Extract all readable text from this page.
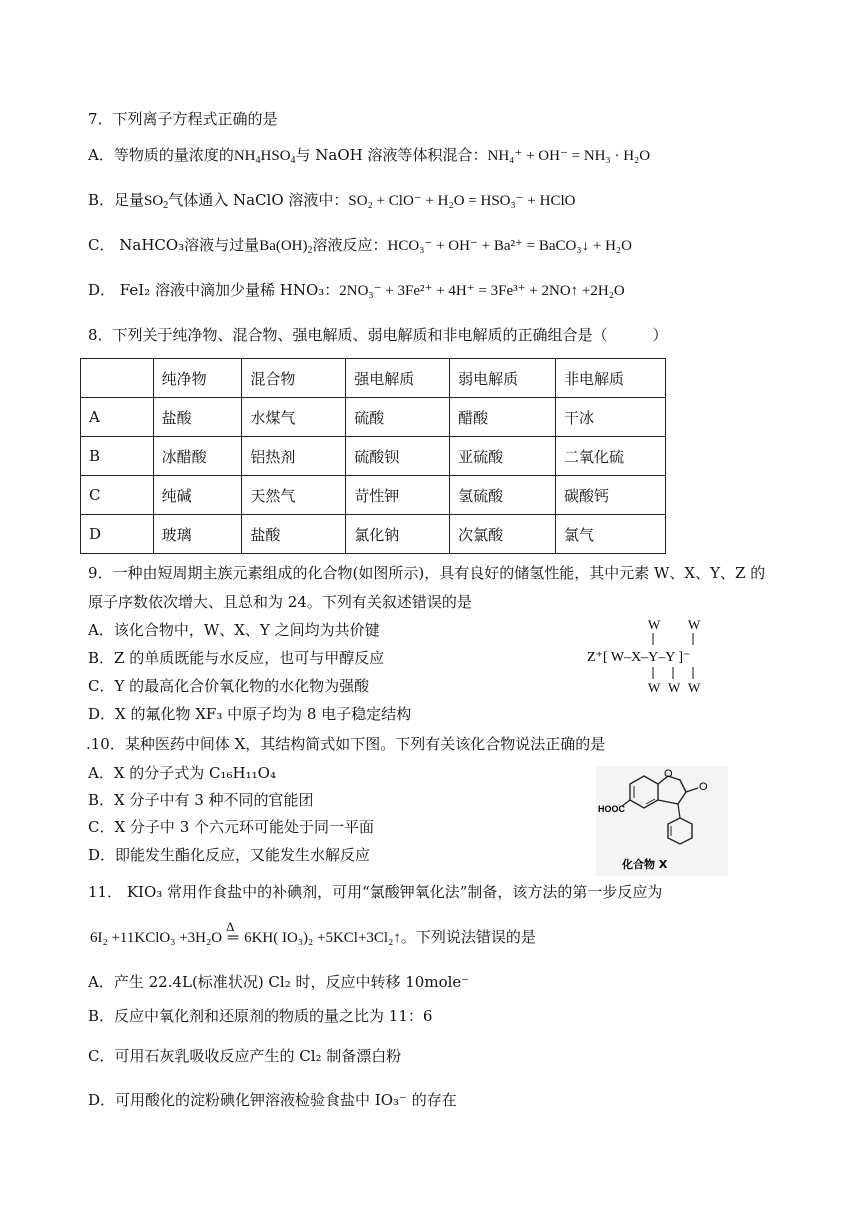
7．下列离子方程式正确的是
A．等物质的量浓度的$NH_4HSO_4$与 NaOH 溶液等体积混合：NH₄⁺ + OH⁻ = NH₃ · H₂O
B．足量$SO_2$气体通入 NaClO 溶液中：SO₂ + ClO⁻ + H₂O = HSO₃⁻ + HClO
C． NaHCO₃溶液与过量$Ba(OH)_2$溶液反应：HCO₃⁻ + OH⁻ + Ba²⁺ = BaCO₃↓ + H₂O
D． FeI₂ 溶液中滴加少量稀 HNO₃：2NO₃⁻ + 3Fe²⁺ + 4H⁺ = 3Fe³⁺ + 2NO↑ +2H₂O
8．下列关于纯净物、混合物、强电解质、弱电解质和非电解质的正确组合是（　　　）
	纯净物	混合物	强电解质	弱电解质	非电解质
A	盐酸	水煤气	硫酸	醋酸	干冰
B	冰醋酸	铝热剂	硫酸钡	亚硫酸	二氧化硫
C	纯碱	天然气	苛性钾	氢硫酸	碳酸钙
D	玻璃	盐酸	氯化钠	次氯酸	氯气
9．一种由短周期主族元素组成的化合物(如图所示)，具有良好的储氢性能，其中元素 W、X、Y、Z 的
原子序数依次增大、且总和为 24。下列有关叙述错误的是
A．该化合物中，W、X、Y 之间均为共价键
B．Z 的单质既能与水反应，也可与甲醇反应
C．Y 的最高化合价氧化物的水化物为强酸
D．X 的氟化物 XF₃ 中原子均为 8 电子稳定结构
W W
Z⁺[ W–X–Y–Y ]⁻
W W W
.10．某种医药中间体 X，其结构简式如下图。下列有关该化合物说法正确的是
A．X 的分子式为 C₁₆H₁₁O₄
B．X 分子中有 3 种不同的官能团
C．X 分子中 3 个六元环可能处于同一平面
D．即能发生酯化反应，又能发生水解反应
O
O
HOOC
化合物 X
11． KIO₃ 常用作食盐中的补碘剂，可用“氯酸钾氧化法”制备，该方法的第一步反应为
6I₂ +11KClO₃ +3H₂O
Δ
═ 6KH( IO₃)₂ +5KCl+3Cl₂↑。下列说法错误的是
A．产生 22.4L(标准状况) Cl₂ 时，反应中转移 10mole⁻
B．反应中氧化剂和还原剂的物质的量之比为 11：6
C．可用石灰乳吸收反应产生的 Cl₂ 制备漂白粉
D．可用酸化的淀粉碘化钾溶液检验食盐中 IO₃⁻ 的存在
